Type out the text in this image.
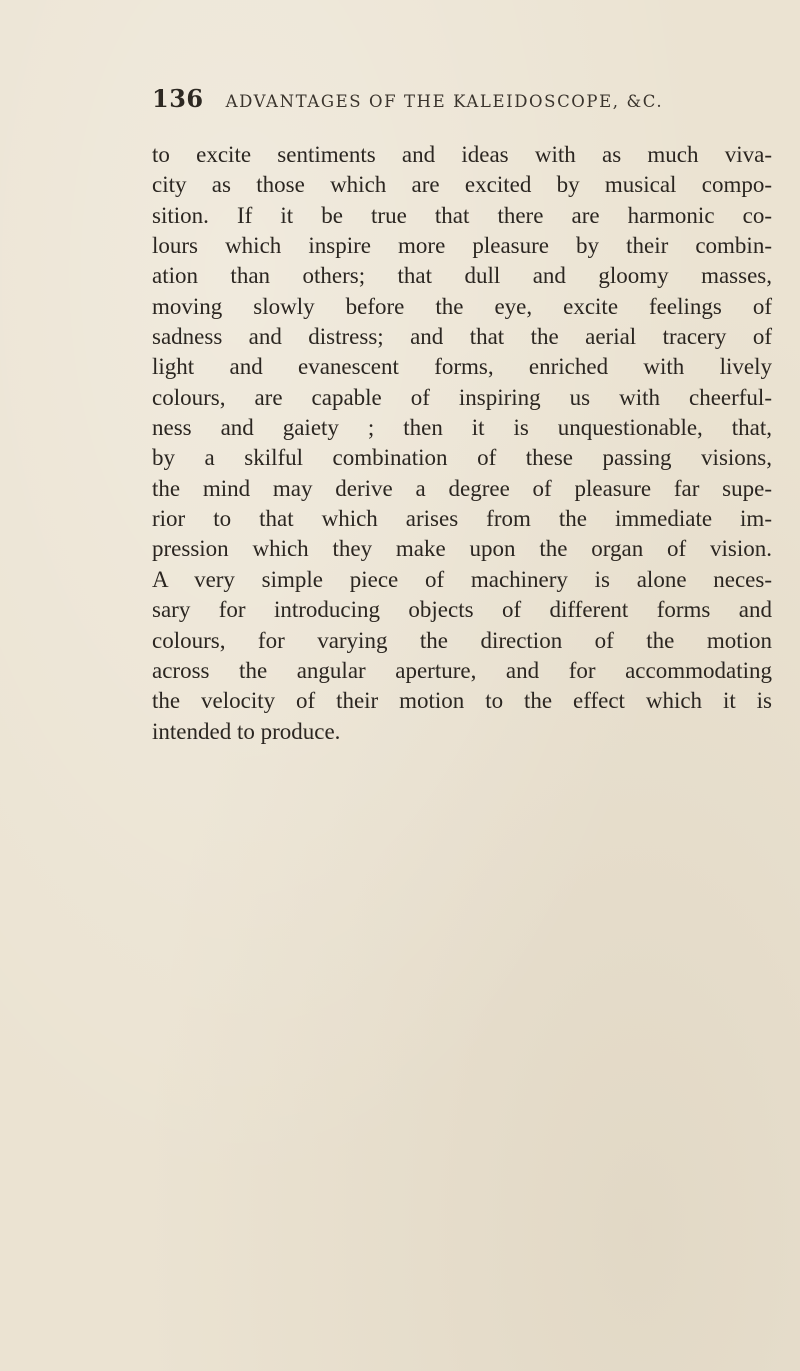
136 ADVANTAGES OF THE KALEIDOSCOPE, &C.
to excite sentiments and ideas with as much viva-
city as those which are excited by musical compo-
sition. If it be true that there are harmonic co-
lours which inspire more pleasure by their combin-
ation than others; that dull and gloomy masses,
moving slowly before the eye, excite feelings of
sadness and distress; and that the aerial tracery of
light and evanescent forms, enriched with lively
colours, are capable of inspiring us with cheerful-
ness and gaiety ; then it is unquestionable, that,
by a skilful combination of these passing visions,
the mind may derive a degree of pleasure far supe-
rior to that which arises from the immediate im-
pression which they make upon the organ of vision.
A very simple piece of machinery is alone neces-
sary for introducing objects of different forms and
colours, for varying the direction of the motion
across the angular aperture, and for accommodating
the velocity of their motion to the effect which it is
intended to produce.
